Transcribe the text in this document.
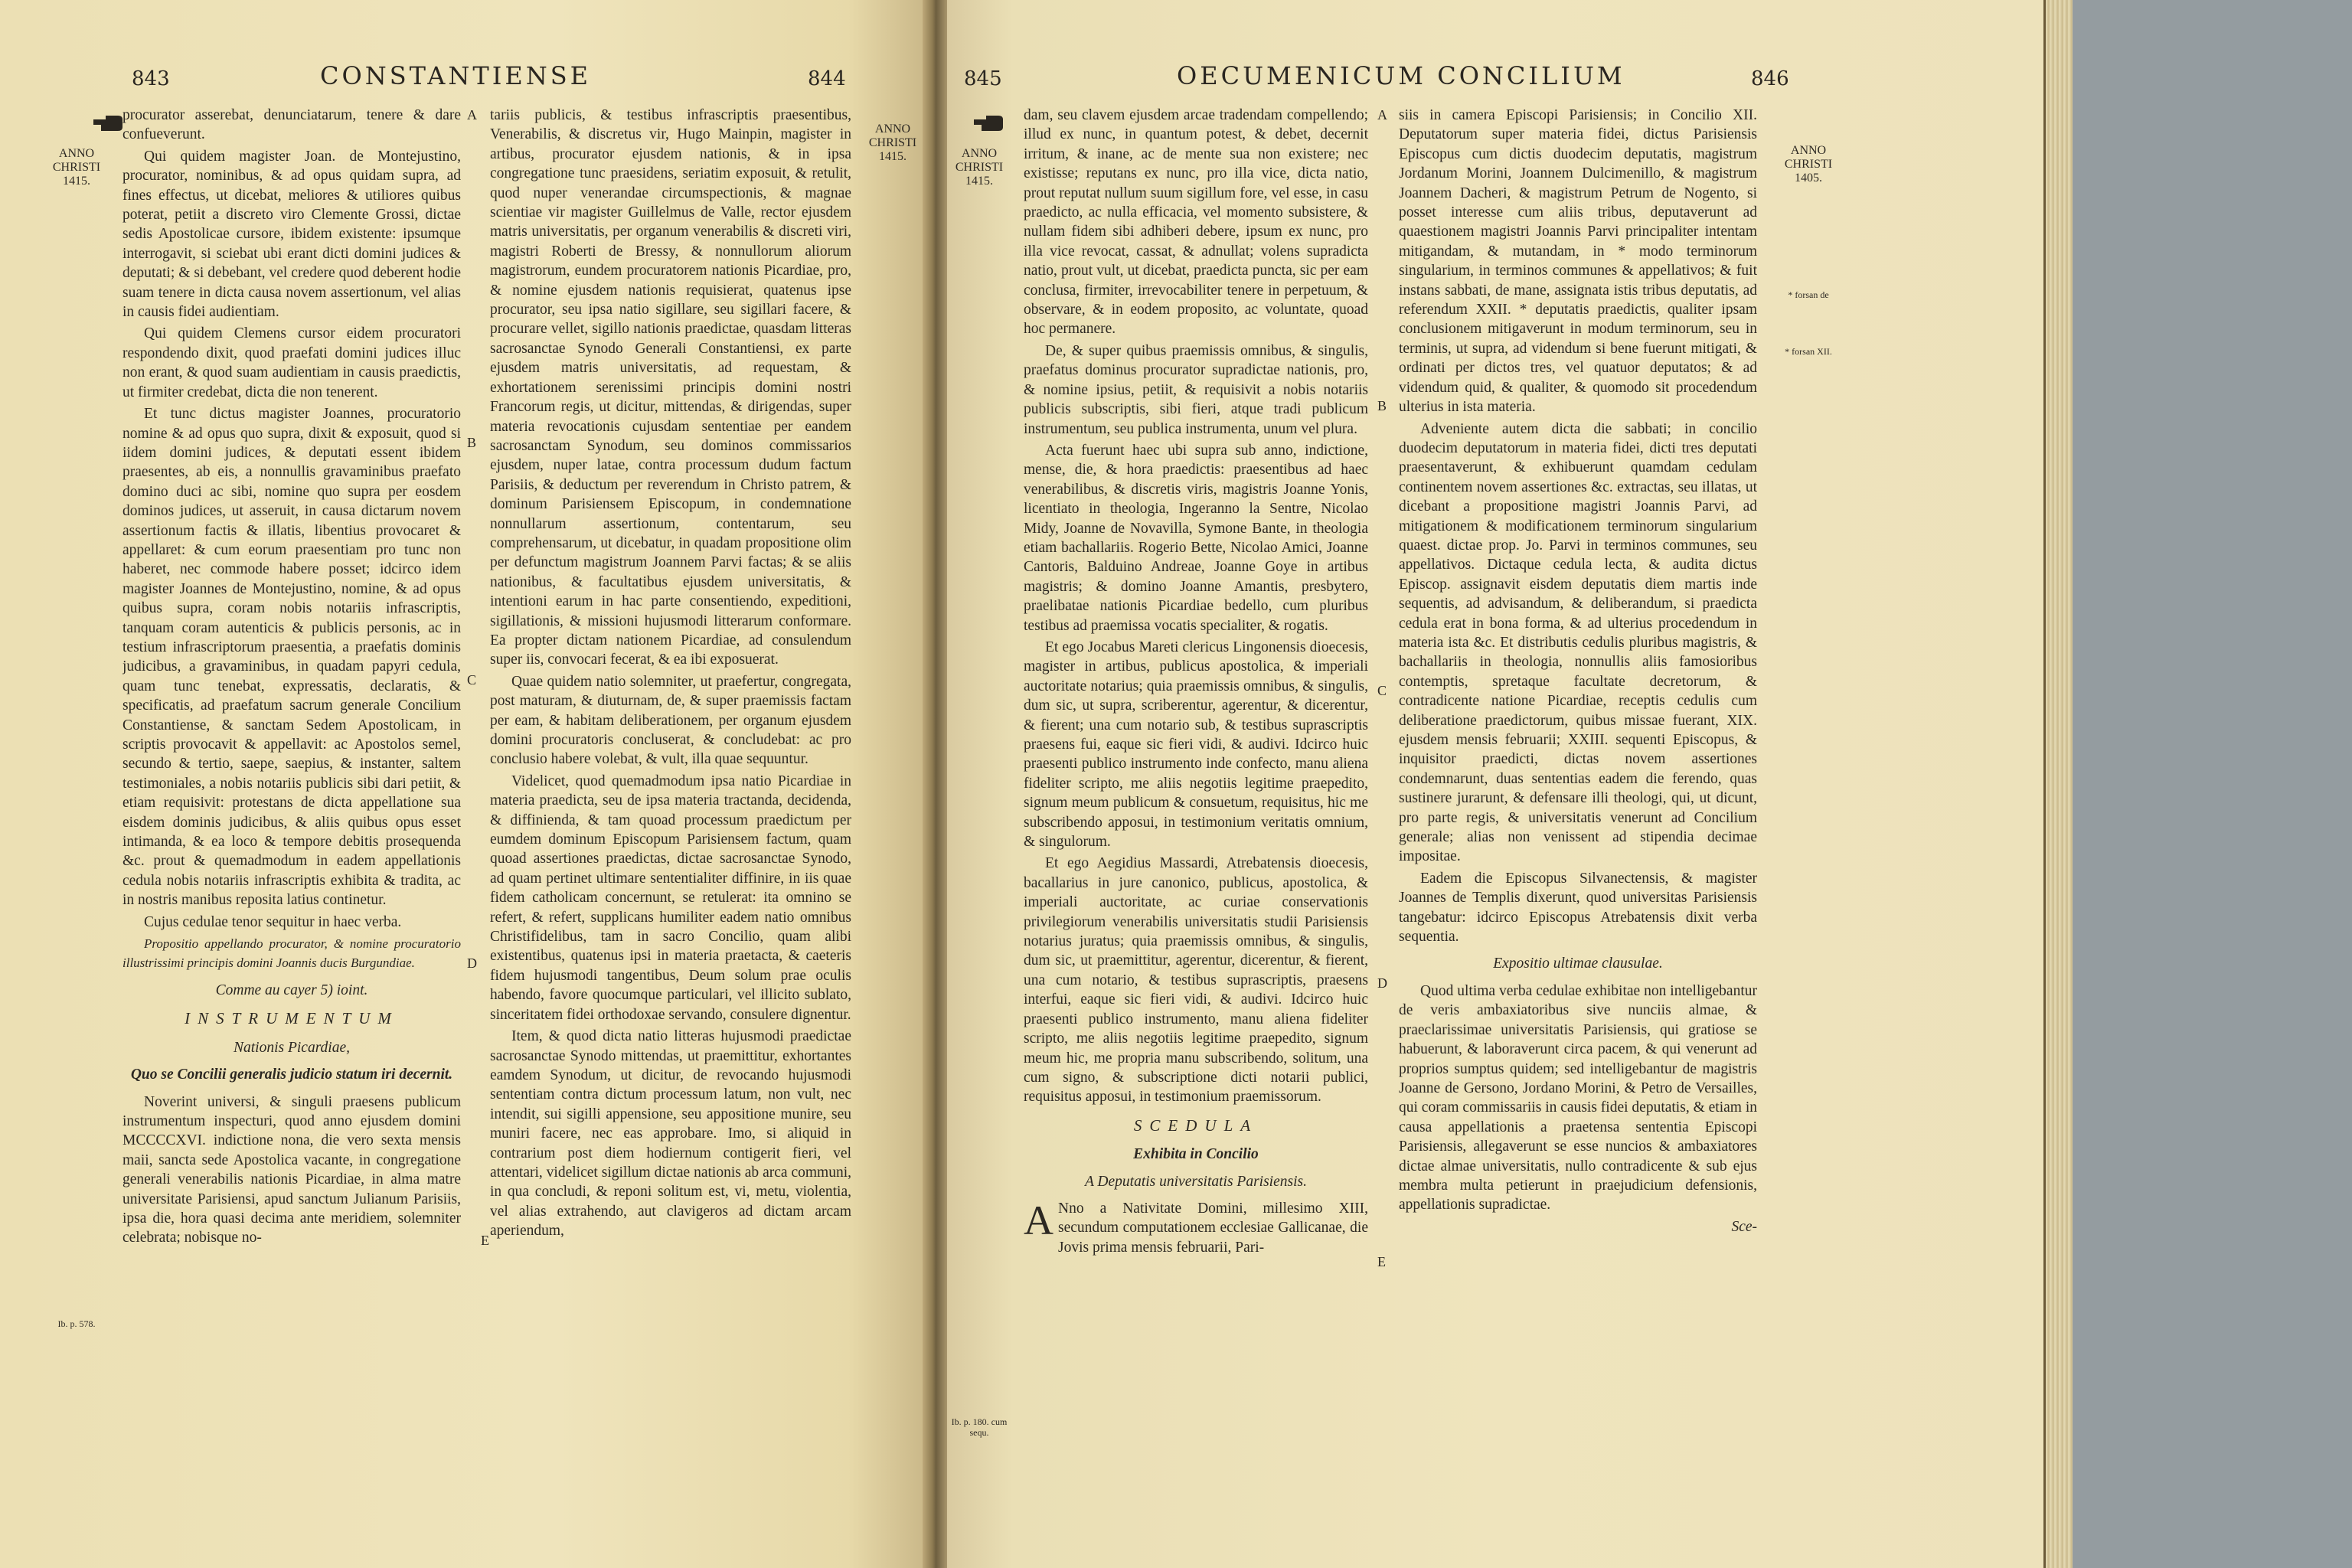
843	CONSTANTIENSE	844
ANNO CHRISTI 1415.
ANNO CHRISTI 1415.
Ib. p. 578.
A
B
C
D
E

procurator asserebat, denunciatarum, tenere & dare confueverunt.

Qui quidem magister Joan. de Montejustino, procurator, nominibus, & ad opus quidam supra, ad fines effectus, ut dicebat, meliores & utiliores quibus poterat, petiit a discreto viro Clemente Grossi, dictae sedis Apostolicae cursore, ibidem existente: ipsumque interrogavit, si sciebat ubi erant dicti domini judices & deputati; & si debebant, vel credere quod deberent hodie suam tenere in dicta causa novem assertionum, vel alias in causis fidei audientiam.

Qui quidem Clemens cursor eidem procuratori respondendo dixit, quod praefati domini judices illuc non erant, & quod suam audientiam in causis praedictis, ut firmiter credebat, dicta die non tenerent.

Et tunc dictus magister Joannes, procuratorio nomine & ad opus quo supra, dixit & exposuit, quod si iidem domini judices, & deputati essent ibidem praesentes, ab eis, a nonnullis gravaminibus praefato domino duci ac sibi, nomine quo supra per eosdem dominos judices, ut asseruit, in causa dictarum novem assertionum factis & illatis, libentius provocaret & appellaret: & cum eorum praesentiam pro tunc non haberet, nec commode habere posset; idcirco idem magister Joannes de Montejustino, nomine, & ad opus quibus supra, coram nobis notariis infrascriptis, tanquam coram autenticis & publicis personis, ac in testium infrascriptorum praesentia, a praefatis dominis judicibus, a gravaminibus, in quadam papyri cedula, quam tunc tenebat, expressatis, declaratis, & specificatis, ad praefatum sacrum generale Concilium Constantiense, & sanctam Sedem Apostolicam, in scriptis provocavit & appellavit: ac Apostolos semel, secundo & tertio, saepe, saepius, & instanter, saltem testimoniales, a nobis notariis publicis sibi dari petiit, & etiam requisivit: protestans de dicta appellatione sua eisdem dominis judicibus, & aliis quibus opus esset intimanda, & ea loco & tempore debitis prosequenda &c. prout & quemadmodum in eadem appellationis cedula nobis notariis infrascriptis exhibita & tradita, ac in nostris manibus reposita latius continetur.

Cujus cedulae tenor sequitur in haec verba.

Propositio appellando procurator, & nomine procuratorio illustrissimi principis domini Joannis ducis Burgundiae.

Comme au cayer 5) ioint.
INSTRUMENTUM
Nationis Picardiae,
Quo se Concilii generalis judicio statum iri decernit.

Noverint universi, & singuli praesens publicum instrumentum inspecturi, quod anno ejusdem domini MCCCCXVI. indictione nona, die vero sexta mensis maii, sancta sede Apostolica vacante, in congregatione generali venerabilis nationis Picardiae, in alma matre universitate Parisiensi, apud sanctum Julianum Parisiis, ipsa die, hora quasi decima ante meridiem, solemniter celebrata; nobisque no-

tariis publicis, & testibus infrascriptis praesentibus, Venerabilis, & discretus vir, Hugo Mainpin, magister in artibus, procurator ejusdem nationis, & in ipsa congregatione tunc praesidens, seriatim exposuit, & retulit, quod nuper venerandae circumspectionis, & magnae scientiae vir magister Guillelmus de Valle, rector ejusdem matris universitatis, per organum venerabilis & discreti viri, magistri Roberti de Bressy, & nonnullorum aliorum magistrorum, eundem procuratorem nationis Picardiae, pro, & nomine ejusdem nationis requisierat, quatenus ipse procurator, seu ipsa natio sigillare, seu sigillari facere, & procurare vellet, sigillo nationis praedictae, quasdam litteras sacrosanctae Synodo Generali Constantiensi, ex parte ejusdem matris universitatis, ad requestam, & exhortationem serenissimi principis domini nostri Francorum regis, ut dicitur, mittendas, & dirigendas, super materia revocationis cujusdam sententiae per eandem sacrosanctam Synodum, seu dominos commissarios ejusdem, nuper latae, contra processum dudum factum Parisiis, & deductum per reverendum in Christo patrem, & dominum Parisiensem Episcopum, in condemnatione nonnullarum assertionum, contentarum, seu comprehensarum, ut dicebatur, in quadam propositione olim per defunctum magistrum Joannem Parvi factas; & se aliis nationibus, & facultatibus ejusdem universitatis, & intentioni earum in hac parte consentiendo, expeditioni, sigillationis, & missioni hujusmodi litterarum conformare. Ea propter dictam nationem Picardiae, ad consulendum super iis, convocari fecerat, & ea ibi exposuerat.

Quae quidem natio solemniter, ut praefertur, congregata, post maturam, & diuturnam, de, & super praemissis factam per eam, & habitam deliberationem, per organum ejusdem domini procuratoris concluserat, & concludebat: ac pro conclusio habere volebat, & vult, illa quae sequuntur.

Videlicet, quod quemadmodum ipsa natio Picardiae in materia praedicta, seu de ipsa materia tractanda, decidenda, & diffinienda, & tam quoad processum praedictum per eumdem dominum Episcopum Parisiensem factum, quam quoad assertiones praedictas, dictae sacrosanctae Synodo, ad quam pertinet ultimare sententialiter diffinire, in iis quae fidem catholicam concernunt, se retulerat: ita omnino se refert, & refert, supplicans humiliter eadem natio omnibus Christifidelibus, tam in sacro Concilio, quam alibi existentibus, quatenus ipsi in materia praetacta, & caeteris fidem hujusmodi tangentibus, Deum solum prae oculis habendo, favore quocumque particulari, vel illicito sublato, sinceritatem fidei orthodoxae servando, consulere dignentur.

Item, & quod dicta natio litteras hujusmodi praedictae sacrosanctae Synodo mittendas, ut praemittitur, exhortantes eamdem Synodum, ut dicitur, de revocando hujusmodi sententiam contra dictum processum latum, non vult, nec intendit, sui sigilli appensione, seu appositione munire, seu muniri facere, nec eas approbare. Imo, si aliquid in contrarium post diem hodiernum contigerit fieri, vel attentari, videlicet sigillum dictae nationis ab arca communi, in qua concludi, & reponi solitum est, vi, metu, violentia, vel alias extrahendo, aut clavigeros ad dictam arcam aperiendum,

845	OECUMENICUM CONCILIUM	846
ANNO CHRISTI 1415.
ANNO CHRISTI 1405.
* forsan de
* forsan XII.
Ib. p. 180. cum sequ.
A
B
C
D
E

dam, seu clavem ejusdem arcae tradendam compellendo; illud ex nunc, in quantum potest, & debet, decernit irritum, & inane, ac de mente sua non existere; nec existisse; reputans ex nunc, pro illa vice, dicta natio, prout reputat nullum suum sigillum fore, vel esse, in casu praedicto, ac nulla efficacia, vel momento subsistere, & nullam fidem sibi adhiberi debere, ipsum ex nunc, pro illa vice revocat, cassat, & adnullat; volens supradicta natio, prout vult, ut dicebat, praedicta puncta, sic per eam conclusa, firmiter, irrevocabiliter tenere in perpetuum, & observare, & in eodem proposito, ac voluntate, quoad hoc permanere.

De, & super quibus praemissis omnibus, & singulis, praefatus dominus procurator supradictae nationis, pro, & nomine ipsius, petiit, & requisivit a nobis notariis publicis subscriptis, sibi fieri, atque tradi publicum instrumentum, seu publica instrumenta, unum vel plura.

Acta fuerunt haec ubi supra sub anno, indictione, mense, die, & hora praedictis: praesentibus ad haec venerabilibus, & discretis viris, magistris Joanne Yonis, licentiato in theologia, Ingeranno la Sentre, Nicolao Midy, Joanne de Novavilla, Symone Bante, in theologia etiam bachallariis. Rogerio Bette, Nicolao Amici, Joanne Cantoris, Balduino Andreae, Joanne Goye in artibus magistris; & domino Joanne Amantis, presbytero, praelibatae nationis Picardiae bedello, cum pluribus testibus ad praemissa vocatis specialiter, & rogatis.

Et ego Jocabus Mareti clericus Lingonensis dioecesis, magister in artibus, publicus apostolica, & imperiali auctoritate notarius; quia praemissis omnibus, & singulis, dum sic, ut supra, scriberentur, agerentur, & dicerentur, & fierent; una cum notario sub, & testibus suprascriptis praesens fui, eaque sic fieri vidi, & audivi. Idcirco huic praesenti publico instrumento inde confecto, manu aliena fideliter scripto, me aliis negotiis legitime praepedito, signum meum publicum & consuetum, requisitus, hic me subscribendo apposui, in testimonium veritatis omnium, & singulorum.

Et ego Aegidius Massardi, Atrebatensis dioecesis, bacallarius in jure canonico, publicus, apostolica, & imperiali auctoritate, ac curiae conservationis privilegiorum venerabilis universitatis studii Parisiensis notarius juratus; quia praemissis omnibus, & singulis, dum sic, ut praemittitur, agerentur, dicerentur, & fierent, una cum notario, & testibus suprascriptis, praesens interfui, eaque sic fieri vidi, & audivi. Idcirco huic praesenti publico instrumento, manu aliena fideliter scripto, me aliis negotiis legitime praepedito, signum meum hic, me propria manu subscribendo, solitum, una cum signo, & subscriptione dicti notarii publici, requisitus apposui, in testimonium praemissorum.

SCEDULA
Exhibita in Concilio
A Deputatis universitatis Parisiensis.

A Nno a Nativitate Domini, millesimo XIII, secundum computationem ecclesiae Gallicanae, die Jovis prima mensis februarii, Pari-

siis in camera Episcopi Parisiensis; in Concilio XII. Deputatorum super materia fidei, dictus Parisiensis Episcopus cum dictis duodecim deputatis, magistrum Jordanum Morini, Joannem Dulcimenillo, & magistrum Joannem Dacheri, & magistrum Petrum de Nogento, si posset interesse cum aliis tribus, deputaverunt ad quaestionem magistri Joannis Parvi principaliter intentam mitigandam, & mutandam, in * modo terminorum singularium, in terminos communes & appellativos; & fuit instans sabbati, de mane, assignata istis tribus deputatis, ad referendum XXII. * deputatis praedictis, qualiter ipsam conclusionem mitigaverunt in modum terminorum, seu in terminis, ut supra, ad videndum si bene fuerunt mitigati, & ordinati per dictos tres, vel quatuor deputatos; & ad videndum quid, & qualiter, & quomodo sit procedendum ulterius in ista materia.

Adveniente autem dicta die sabbati; in concilio duodecim deputatorum in materia fidei, dicti tres deputati praesentaverunt, & exhibuerunt quamdam cedulam continentem novem assertiones &c. extractas, seu illatas, ut dicebant a propositione magistri Joannis Parvi, ad mitigationem & modificationem terminorum singularium quaest. dictae prop. Jo. Parvi in terminos communes, seu appellativos. Dictaque cedula lecta, & audita dictus Episcop. assignavit eisdem deputatis diem martis inde sequentis, ad advisandum, & deliberandum, si praedicta cedula erat in bona forma, & ad ulterius procedendum in materia ista &c. Et distributis cedulis pluribus magistris, & bachallariis in theologia, nonnullis aliis famosioribus contemptis, spretaque facultate decretorum, & contradicente natione Picardiae, receptis cedulis cum deliberatione praedictorum, quibus missae fuerant, XIX. ejusdem mensis februarii; XXIII. sequenti Episcopus, & inquisitor praedicti, dictas novem assertiones condemnarunt, duas sententias eadem die ferendo, quas sustinere jurarunt, & defensare illi theologi, qui, ut dicunt, pro parte regis, & universitatis venerunt ad Concilium generale; alias non venissent ad stipendia decimae impositae.

Eadem die Episcopus Silvanectensis, & magister Joannes de Templis dixerunt, quod universitas Parisiensis tangebatur: idcirco Episcopus Atrebatensis dixit verba sequentia.

Expositio ultimae clausulae.

Quod ultima verba cedulae exhibitae non intelligebantur de veris ambaxiatoribus sive nunciis almae, & praeclarissimae universitatis Parisiensis, qui gratiose se habuerunt, & laboraverunt circa pacem, & qui venerunt ad proprios sumptus quidem; sed intelligebantur de magistris Joanne de Gersono, Jordano Morini, & Petro de Versailles, qui coram commissariis in causis fidei deputatis, & etiam in causa appellationis a praetensa sententia Episcopi Parisiensis, allegaverunt se esse nuncios & ambaxiatores dictae almae universitatis, nullo contradicente & sub ejus membra multa petierunt in praejudicium defensionis, appellationis supradictae.

Sce-
